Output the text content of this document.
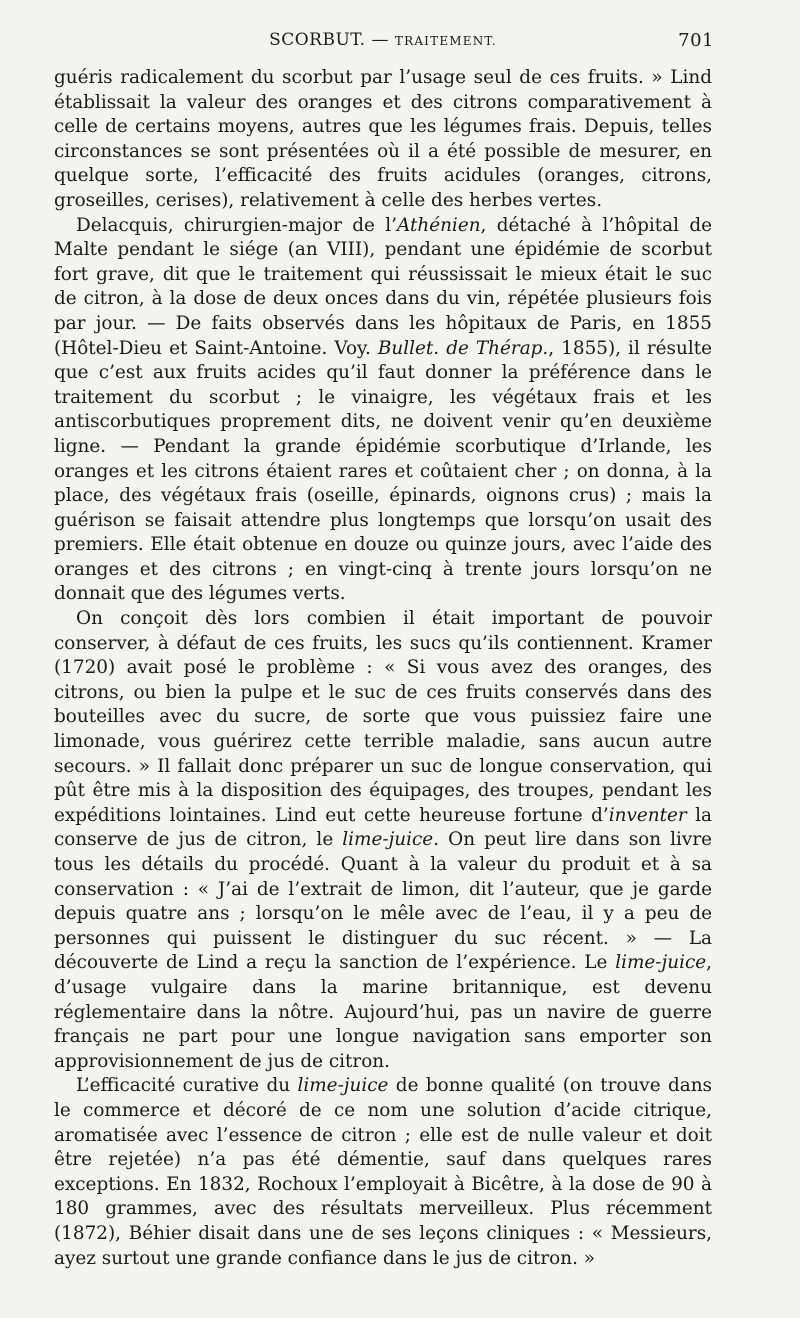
SCORBUT. — TRAITEMENT.	701

guéris radicalement du scorbut par l’usage seul de ces fruits. » Lind établissait la valeur des oranges et des citrons comparativement à celle de certains moyens, autres que les légumes frais. Depuis, telles circonstances se sont présentées où il a été possible de mesurer, en quelque sorte, l’efficacité des fruits acidules (oranges, citrons, groseilles, cerises), relativement à celle des herbes vertes.

Delacquis, chirurgien-major de l’Athénien, détaché à l’hôpital de Malte pendant le siége (an VIII), pendant une épidémie de scorbut fort grave, dit que le traitement qui réussissait le mieux était le suc de citron, à la dose de deux onces dans du vin, répétée plusieurs fois par jour. — De faits observés dans les hôpitaux de Paris, en 1855 (Hôtel-Dieu et Saint-Antoine. Voy. Bullet. de Thérap., 1855), il résulte que c’est aux fruits acides qu’il faut donner la préférence dans le traitement du scorbut ; le vinaigre, les végétaux frais et les antiscorbutiques proprement dits, ne doivent venir qu’en deuxième ligne. — Pendant la grande épidémie scorbutique d’Irlande, les oranges et les citrons étaient rares et coûtaient cher ; on donna, à la place, des végétaux frais (oseille, épinards, oignons crus) ; mais la guérison se faisait attendre plus longtemps que lorsqu’on usait des premiers. Elle était obtenue en douze ou quinze jours, avec l’aide des oranges et des citrons ; en vingt-cinq à trente jours lorsqu’on ne donnait que des légumes verts.

On conçoit dès lors combien il était important de pouvoir conserver, à défaut de ces fruits, les sucs qu’ils contiennent. Kramer (1720) avait posé le problème : « Si vous avez des oranges, des citrons, ou bien la pulpe et le suc de ces fruits conservés dans des bouteilles avec du sucre, de sorte que vous puissiez faire une limonade, vous guérirez cette terrible maladie, sans aucun autre secours. » Il fallait donc préparer un suc de longue conservation, qui pût être mis à la disposition des équipages, des troupes, pendant les expéditions lointaines. Lind eut cette heureuse fortune d’inventer la conserve de jus de citron, le lime-juice. On peut lire dans son livre tous les détails du procédé. Quant à la valeur du produit et à sa conservation : « J’ai de l’extrait de limon, dit l’auteur, que je garde depuis quatre ans ; lorsqu’on le mêle avec de l’eau, il y a peu de personnes qui puissent le distinguer du suc récent. » — La découverte de Lind a reçu la sanction de l’expérience. Le lime-juice, d’usage vulgaire dans la marine britannique, est devenu réglementaire dans la nôtre. Aujourd’hui, pas un navire de guerre français ne part pour une longue navigation sans emporter son approvisionnement de jus de citron.

L’efficacité curative du lime-juice de bonne qualité (on trouve dans le commerce et décoré de ce nom une solution d’acide citrique, aromatisée avec l’essence de citron ; elle est de nulle valeur et doit être rejetée) n’a pas été démentie, sauf dans quelques rares exceptions. En 1832, Rochoux l’employait à Bicêtre, à la dose de 90 à 180 grammes, avec des résultats merveilleux. Plus récemment (1872), Béhier disait dans une de ses leçons cliniques : « Messieurs, ayez surtout une grande confiance dans le jus de citron. »
